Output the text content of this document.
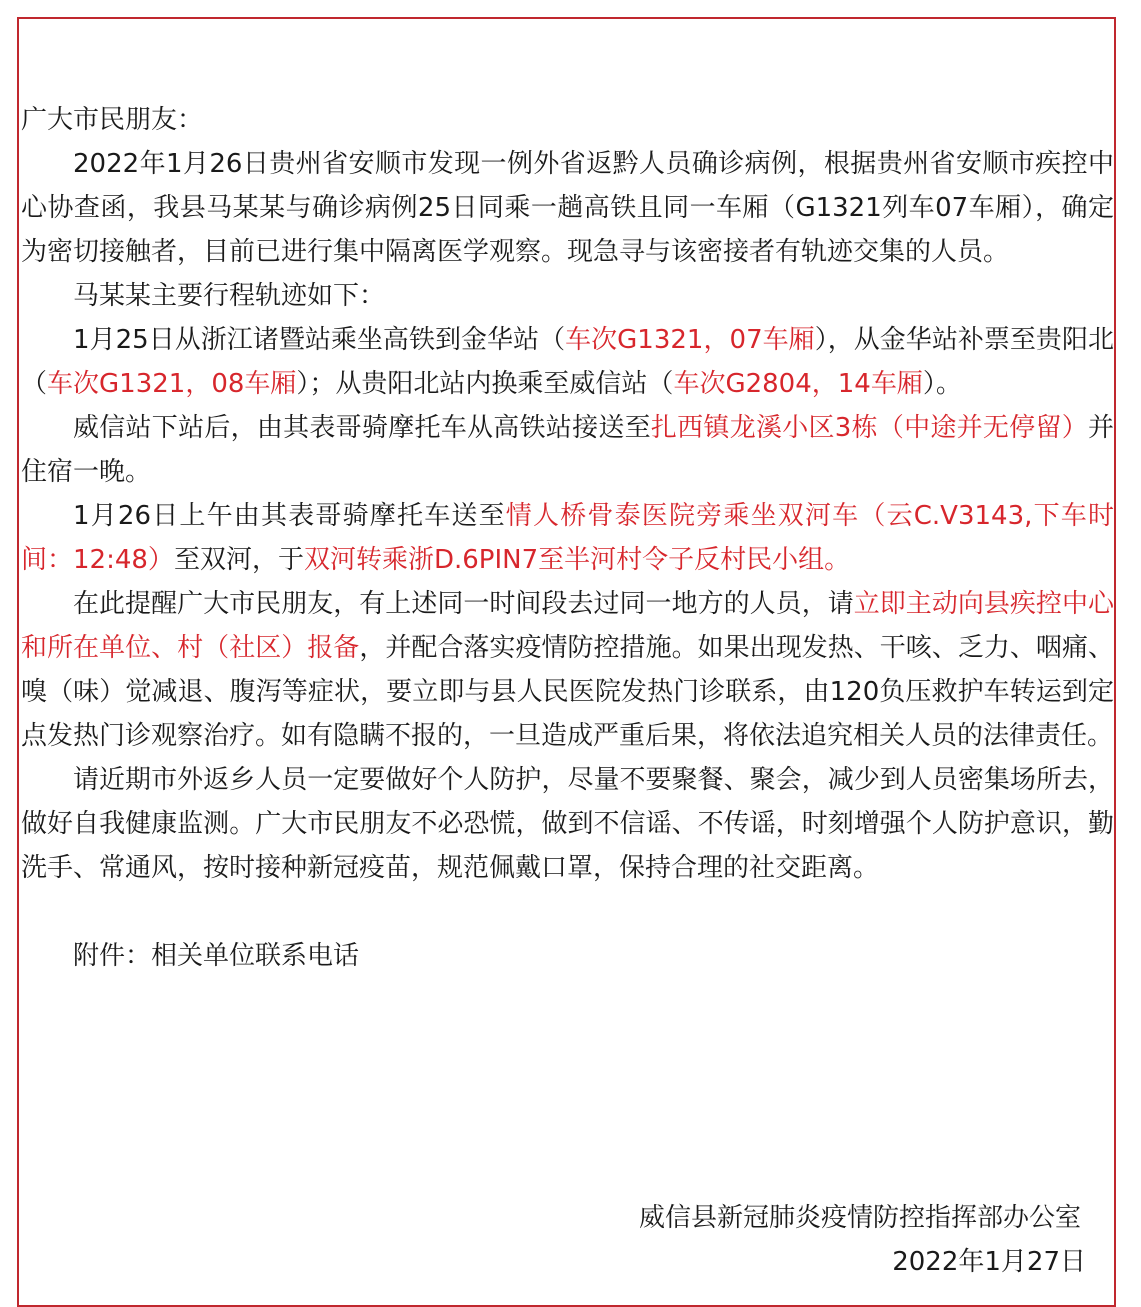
广大市民朋友：

2022年1月26日贵州省安顺市发现一例外省返黔人员确诊病例，根据贵州省安顺市疾控中心协查函，我县马某某与确诊病例25日同乘一趟高铁且同一车厢（G1321列车07车厢），确定为密切接触者，目前已进行集中隔离医学观察。现急寻与该密接者有轨迹交集的人员。

马某某主要行程轨迹如下：

1月25日从浙江诸暨站乘坐高铁到金华站（车次G1321，07车厢），从金华站补票至贵阳北（车次G1321，08车厢）；从贵阳北站内换乘至威信站（车次G2804，14车厢）。

威信站下站后，由其表哥骑摩托车从高铁站接送至扎西镇龙溪小区3栋（中途并无停留）并住宿一晚。

1月26日上午由其表哥骑摩托车送至情人桥骨泰医院旁乘坐双河车（云C.V3143,下车时间：12:48）至双河，于双河转乘浙D.6PIN7至半河村令子反村民小组。

在此提醒广大市民朋友，有上述同一时间段去过同一地方的人员，请立即主动向县疾控中心和所在单位、村（社区）报备，并配合落实疫情防控措施。如果出现发热、干咳、乏力、咽痛、嗅（味）觉减退、腹泻等症状，要立即与县人民医院发热门诊联系，由120负压救护车转运到定点发热门诊观察治疗。如有隐瞒不报的，一旦造成严重后果，将依法追究相关人员的法律责任。

请近期市外返乡人员一定要做好个人防护，尽量不要聚餐、聚会，减少到人员密集场所去，做好自我健康监测。广大市民朋友不必恐慌，做到不信谣、不传谣，时刻增强个人防护意识，勤洗手、常通风，按时接种新冠疫苗，规范佩戴口罩，保持合理的社交距离。

附件：相关单位联系电话

威信县新冠肺炎疫情防控指挥部办公室
2022年1月27日
